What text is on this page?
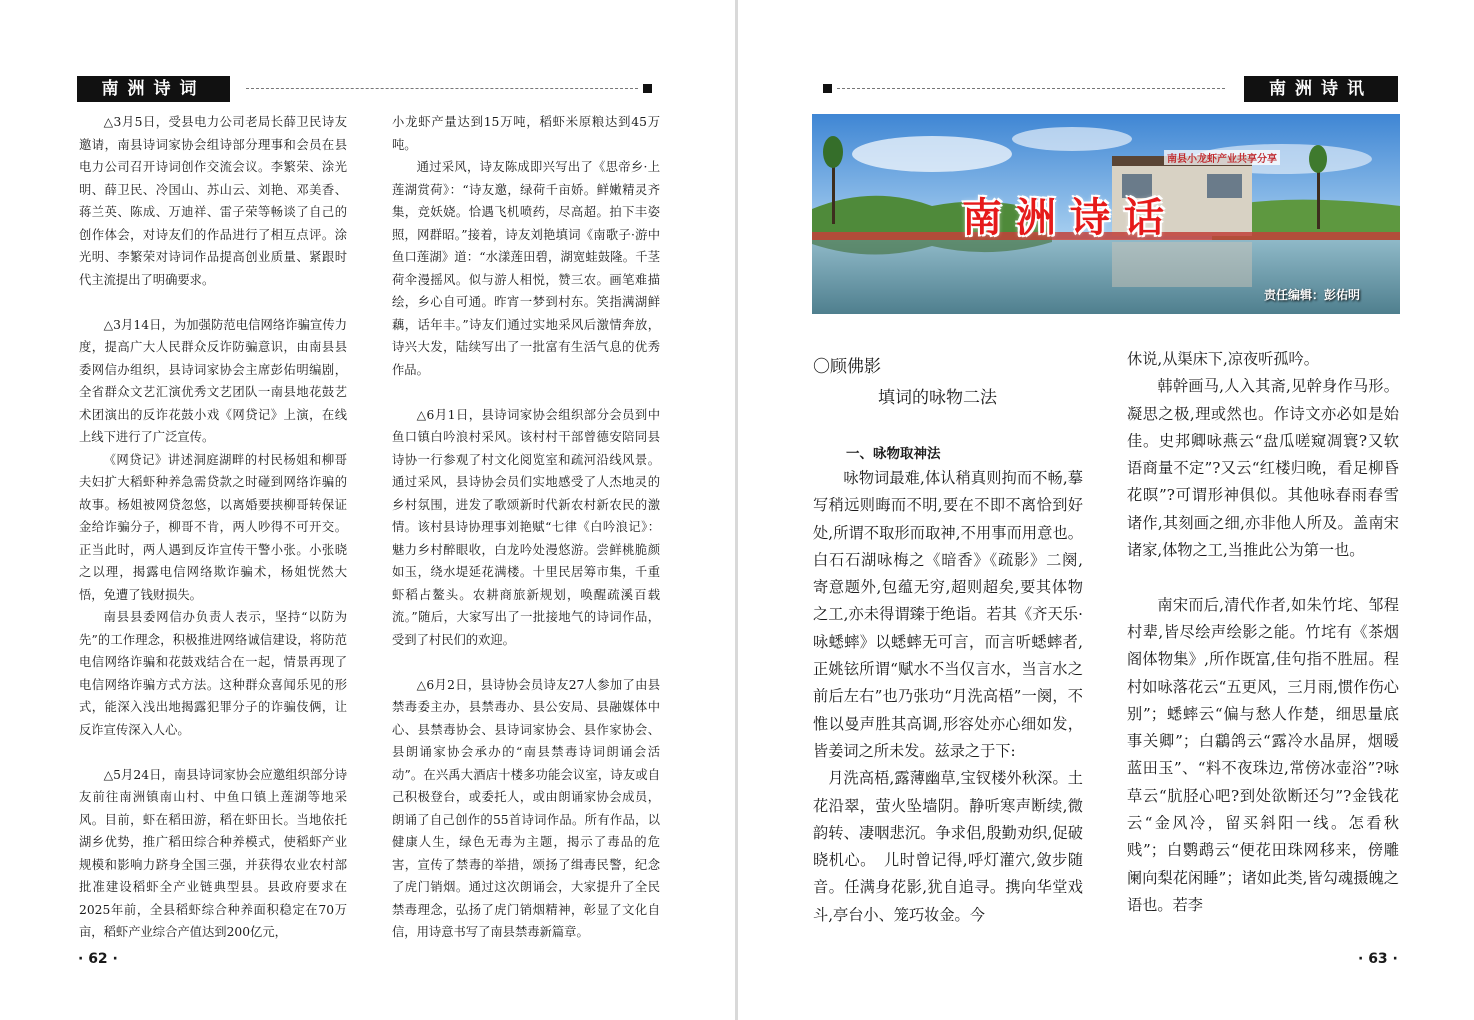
南洲诗词

△3月5日，受县电力公司老局长薛卫民诗友邀请，南县诗词家协会组诗部分理事和会员在县电力公司召开诗词创作交流会议。李繁荣、涂光明、薛卫民、冷国山、苏山云、刘艳、邓美香、蒋兰英、陈成、万迪祥、雷子荣等畅谈了自己的创作体会，对诗友们的作品进行了相互点评。涂光明、李繁荣对诗词作品提高创业质量、紧跟时代主流提出了明确要求。

△3月14日，为加强防范电信网络诈骗宣传力度，提高广大人民群众反诈防骗意识，由南县县委网信办组织，县诗词家协会主席彭佑明编剧，全省群众文艺汇演优秀文艺团队一南县地花鼓艺术团演出的反诈花鼓小戏《网贷记》上演，在线上线下进行了广泛宣传。

《网贷记》讲述洞庭湖畔的村民杨姐和柳哥夫妇扩大稻虾种养急需贷款之时碰到网络诈骗的故事。杨姐被网贷忽悠，以离婚要挟柳哥转保证金给诈骗分子，柳哥不肯，两人吵得不可开交。正当此时，两人遇到反诈宣传干警小张。小张晓之以理，揭露电信网络欺诈骗术，杨姐恍然大悟，免遭了钱财损失。

南县县委网信办负责人表示，坚持“以防为先”的工作理念，积极推进网络诚信建设，将防范电信网络诈骗和花鼓戏结合在一起，情景再现了电信网络诈骗方式方法。这种群众喜闻乐见的形式，能深入浅出地揭露犯罪分子的诈骗伎俩，让反诈宣传深入人心。

△5月24日，南县诗词家协会应邀组织部分诗友前往南洲镇南山村、中鱼口镇上莲湖等地采风。目前，虾在稻田游，稻在虾田长。当地依托湖乡优势，推广稻田综合种养模式，使稻虾产业规模和影响力跻身全国三强，并获得农业农村部批准建设稻虾全产业链典型县。县政府要求在2025年前，全县稻虾综合种养面积稳定在70万亩，稻虾产业综合产值达到200亿元，

小龙虾产量达到15万吨，稻虾米原粮达到45万吨。

通过采风，诗友陈成即兴写出了《思帝乡·上莲湖赏荷》：“诗友邀，绿荷千亩娇。鲜嫩精灵齐集，竞妖娆。恰遇飞机喷药，尽高超。拍下丰姿照，网群昭。”接着，诗友刘艳填词《南歌子·游中鱼口莲湖》道：“水漾莲田碧，湖宽蛙鼓隆。千茎荷伞漫摇风。似与游人相悦，赞三农。画笔难描绘，乡心自可通。昨宵一梦到村东。笑指满湖鲜藕，话年丰。”诗友们通过实地采风后激情奔放，诗兴大发，陆续写出了一批富有生活气息的优秀作品。

△6月1日，县诗词家协会组织部分会员到中鱼口镇白吟浪村采风。该村村干部曾德安陪同县诗协一行参观了村文化阅览室和疏河沿线风景。通过采风，县诗协会员们实地感受了人杰地灵的乡村氛围，进发了歌颂新时代新农村新农民的激情。该村县诗协理事刘艳赋“七律《白吟浪记》：魅力乡村醉眼收，白龙吟处漫悠游。尝鲜桃脆颜如玉，绕水堤延花满楼。十里民居筹市集，千重虾稻占鳌头。农耕商旅新规划，唤醒疏溪百载流。”随后，大家写出了一批接地气的诗词作品，受到了村民们的欢迎。

△6月2日，县诗协会员诗友27人参加了由县禁毒委主办，县禁毒办、县公安局、县融媒体中心、县禁毒协会、县诗词家协会、县作家协会、县朗诵家协会承办的“南县禁毒诗词朗诵会活动”。在兴禹大酒店十楼多功能会议室，诗友或自己积极登台，或委托人，或由朗诵家协会成员，朗诵了自己创作的55首诗词作品。所有作品，以健康人生，绿色无毒为主题，揭示了毒品的危害，宣传了禁毒的举措，颂扬了缉毒民警，纪念了虎门销烟。通过这次朗诵会，大家提升了全民禁毒理念，弘扬了虎门销烟精神，彰显了文化自信，用诗意书写了南县禁毒新篇章。

· 62 ·
南洲诗讯
南县小龙虾产业共享分享
南洲诗话
责任编辑：彭佑明
〇顾佛影
填词的咏物二法
一、咏物取神法

咏物词最难,体认稍真则拘而不畅,摹写稍远则晦而不明,要在不即不离恰到好处,所谓不取形而取神,不用事而用意也。白石石湖咏梅之《暗香》《疏影》二阕,寄意题外,包蕴无穷,超则超矣,要其体物之工,亦未得谓臻于绝诣。若其《齐天乐·咏蟋蟀》以蟋蟀无可言，而言听蟋蟀者,正姚铉所谓“赋水不当仅言水，当言水之前后左右”也乃张功“月洗高梧”一阕，不惟以曼声胜其高调,形容处亦心细如发，皆姜词之所未发。兹录之于下:

月洗高梧,露薄幽草,宝钗楼外秋深。土花沿翠，萤火坠墙阴。静听寒声断续,微韵转、凄咽悲沉。争求侣,殷勤劝织,促破晓机心。　儿时曾记得,呼灯灌穴,敛步随音。任满身花影,犹自追寻。携向华堂戏斗,亭台小、笼巧妆金。今

休说,从渠床下,凉夜听孤吟。

韩幹画马,人入其斋,见幹身作马形。凝思之极,理或然也。作诗文亦必如是始佳。史邦卿咏燕云“盘瓜嗟窥凋寰?又软语商量不定”?又云“红楼归晚，看足柳昏花暝”?可谓形神俱似。其他咏春雨春雪诸作,其刻画之细,亦非他人所及。盖南宋诸家,体物之工,当推此公为第一也。

南宋而后,清代作者,如朱竹垞、邹程村辈,皆尽绘声绘影之能。竹垞有《茶烟阁体物集》,所作既富,佳句指不胜屈。程村如咏落花云“五更风，三月雨,惯作伤心别”；蟋蟀云“偏与愁人作楚，细思量底事关卿”；白鸘鸽云“露冷水晶屏，烟暖蓝田玉”、“料不夜珠边,常傍冰壶浴”?咏草云“肮胫心吧?到处欲断还匀”?金钱花云“金风冷，留买斜阳一线。怎看秋贱”；白鹦鹉云“便花田珠网移来，傍雕阑向梨花闲睡”；诸如此类,皆勾魂摄魄之语也。若李

· 63 ·
